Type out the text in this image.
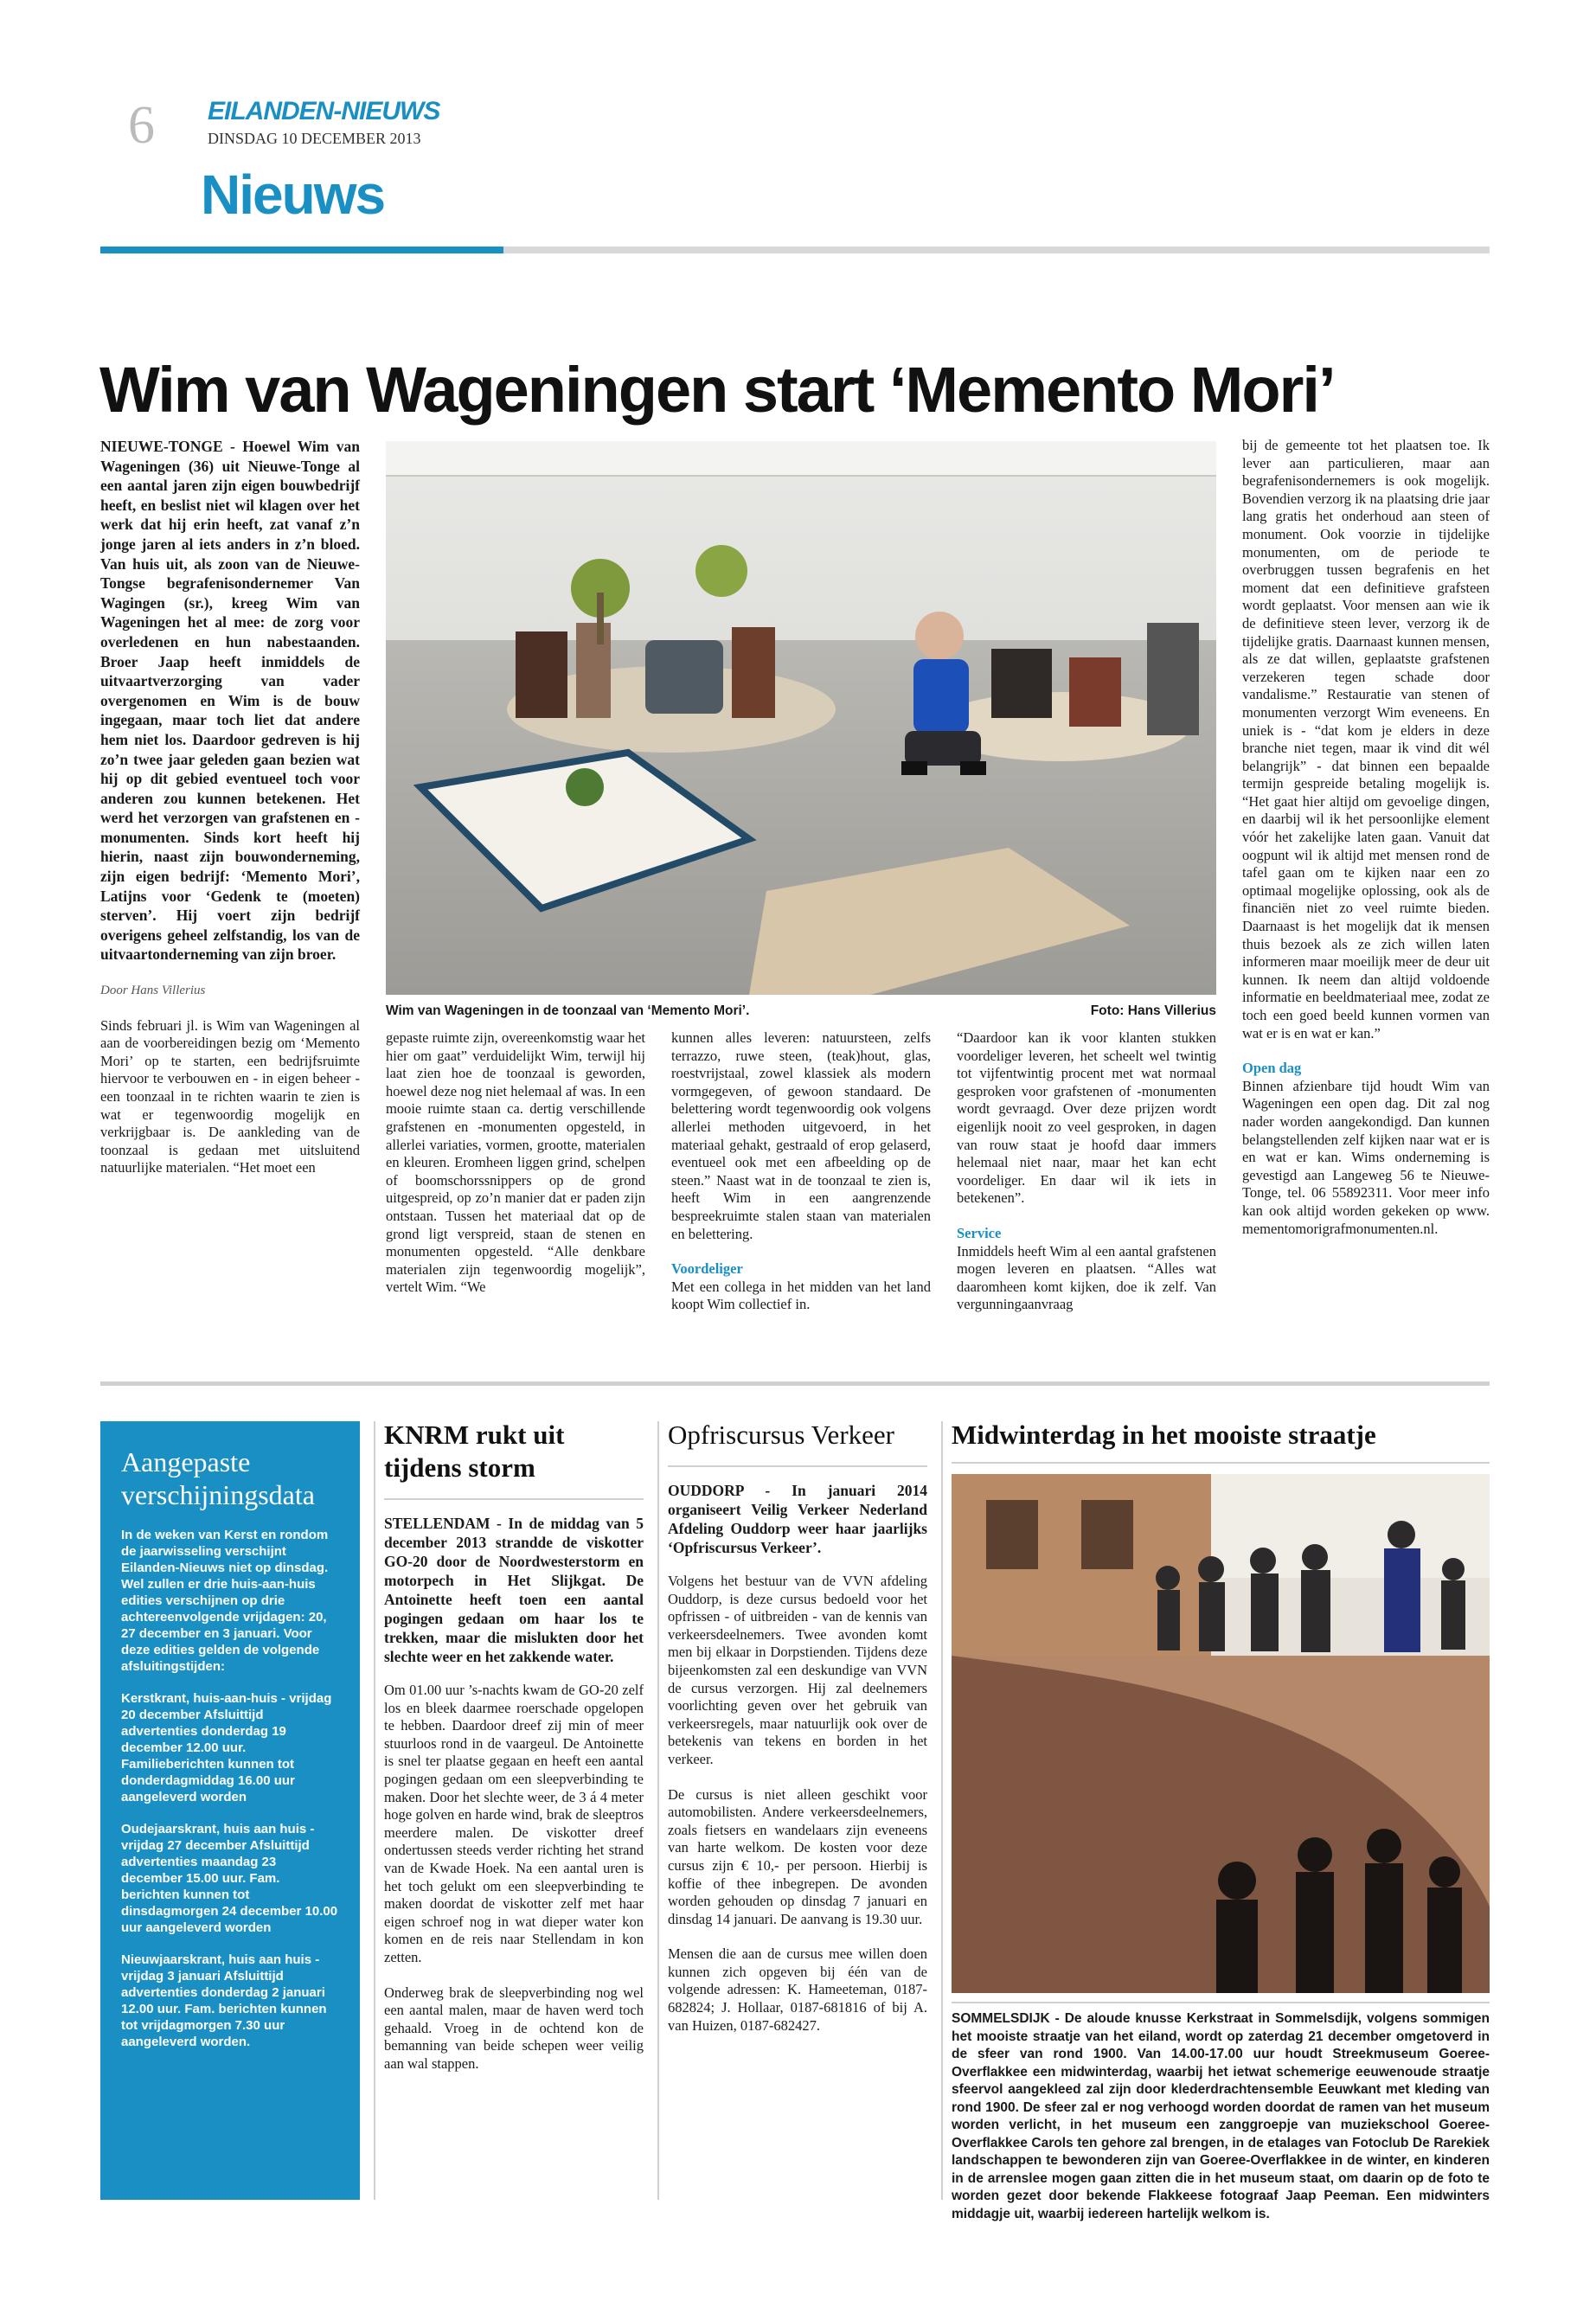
6 EILANDEN-NIEUWS
DINSDAG 10 DECEMBER 2013
Nieuws
Wim van Wageningen start ‘Memento Mori’

NIEUWE-TONGE - Hoewel Wim van Wageningen (36) uit Nieuwe-Tonge al een aantal jaren zijn eigen bouwbedrijf heeft, en beslist niet wil klagen over het werk dat hij erin heeft, zat vanaf z’n jonge jaren al iets anders in z’n bloed. Van huis uit, als zoon van de Nieuwe-Tongse begrafenisondernemer Van Wagingen (sr.), kreeg Wim van Wageningen het al mee: de zorg voor overledenen en hun nabestaanden. Broer Jaap heeft inmiddels de uitvaartverzorging van vader overgenomen en Wim is de bouw ingegaan, maar toch liet dat andere hem niet los. Daardoor gedreven is hij zo’n twee jaar geleden gaan bezien wat hij op dit gebied eventueel toch voor anderen zou kunnen betekenen. Het werd het verzorgen van grafstenen en -monumenten. Sinds kort heeft hij hierin, naast zijn bouwonderneming, zijn eigen bedrijf: ‘Memento Mori’, Latijns voor ‘Gedenk te (moeten) sterven’. Hij voert zijn bedrijf overigens geheel zelfstandig, los van de uitvaartonderneming van zijn broer.

Door Hans Villerius

Sinds februari jl. is Wim van Wageningen al aan de voorbereidingen bezig om ‘Memento Mori’ op te starten, een bedrijfsruimte hiervoor te verbouwen en - in eigen beheer - een toonzaal in te richten waarin te zien is wat er tegenwoordig mogelijk en verkrijgbaar is. De aankleding van de toonzaal is gedaan met uitsluitend natuurlijke materialen. “Het moet een

Wim van Wageningen in de toonzaal van ‘Memento Mori’.	Foto: Hans Villerius

gepaste ruimte zijn, overeenkomstig waar het hier om gaat” verduidelijkt Wim, terwijl hij laat zien hoe de toonzaal is geworden, hoewel deze nog niet helemaal af was. In een mooie ruimte staan ca. dertig verschillende grafstenen en -monumenten opgesteld, in allerlei variaties, vormen, grootte, materialen en kleuren. Eromheen liggen grind, schelpen of boomschorssnippers op de grond uitgespreid, op zo’n manier dat er paden zijn ontstaan. Tussen het materiaal dat op de grond ligt verspreid, staan de stenen en monumenten opgesteld. “Alle denkbare materialen zijn tegenwoordig mogelijk”, vertelt Wim. “We

kunnen alles leveren: natuursteen, zelfs terrazzo, ruwe steen, (teak)hout, glas, roestvrijstaal, zowel klassiek als modern vormgegeven, of gewoon standaard. De belettering wordt tegenwoordig ook volgens allerlei methoden uitgevoerd, in het materiaal gehakt, gestraald of erop gelaserd, eventueel ook met een afbeelding op de steen.” Naast wat in de toonzaal te zien is, heeft Wim in een aangrenzende bespreekruimte stalen staan van materialen en belettering.

Voordeliger

Met een collega in het midden van het land koopt Wim collectief in.

“Daardoor kan ik voor klanten stukken voordeliger leveren, het scheelt wel twintig tot vijfentwintig procent met wat normaal gesproken voor grafstenen of -monumenten wordt gevraagd. Over deze prijzen wordt eigenlijk nooit zo veel gesproken, in dagen van rouw staat je hoofd daar immers helemaal niet naar, maar het kan echt voordeliger. En daar wil ik iets in betekenen”.

Service

Inmiddels heeft Wim al een aantal grafstenen mogen leveren en plaatsen. “Alles wat daaromheen komt kijken, doe ik zelf. Van vergunningaanvraag

bij de gemeente tot het plaatsen toe. Ik lever aan particulieren, maar aan begrafenisondernemers is ook mogelijk. Bovendien verzorg ik na plaatsing drie jaar lang gratis het onderhoud aan steen of monument. Ook voorzie in tijdelijke monumenten, om de periode te overbruggen tussen begrafenis en het moment dat een definitieve grafsteen wordt geplaatst. Voor mensen aan wie ik de definitieve steen lever, verzorg ik de tijdelijke gratis. Daarnaast kunnen mensen, als ze dat willen, geplaatste grafstenen verzekeren tegen schade door vandalisme.” Restauratie van stenen of monumenten verzorgt Wim eveneens. En uniek is - “dat kom je elders in deze branche niet tegen, maar ik vind dit wél belangrijk” - dat binnen een bepaalde termijn gespreide betaling mogelijk is. “Het gaat hier altijd om gevoelige dingen, en daarbij wil ik het persoonlijke element vóór het zakelijke laten gaan. Vanuit dat oogpunt wil ik altijd met mensen rond de tafel gaan om te kijken naar een zo optimaal mogelijke oplossing, ook als de financiën niet zo veel ruimte bieden. Daarnaast is het mogelijk dat ik mensen thuis bezoek als ze zich willen laten informeren maar moeilijk meer de deur uit kunnen. Ik neem dan altijd voldoende informatie en beeldmateriaal mee, zodat ze toch een goed beeld kunnen vormen van wat er is en wat er kan.”

Open dag

Binnen afzienbare tijd houdt Wim van Wageningen een open dag. Dit zal nog nader worden aangekondigd. Dan kunnen belangstellenden zelf kijken naar wat er is en wat er kan. Wims onderneming is gevestigd aan Langeweg 56 te Nieuwe-Tonge, tel. 06 55892311. Voor meer info kan ook altijd worden gekeken op www. mementomorigrafmonumenten.nl.

Aangepaste verschijningsdata

In de weken van Kerst en rondom de jaarwisseling verschijnt Eilanden-Nieuws niet op dinsdag. Wel zullen er drie huis-aan-huis edities verschijnen op drie achtereenvolgende vrijdagen: 20, 27 december en 3 januari. Voor deze edities gelden de volgende afsluitingstijden:

Kerstkrant, huis-aan-huis - vrijdag 20 december Afsluittijd advertenties donderdag 19 december 12.00 uur. Familieberichten kunnen tot donderdagmiddag 16.00 uur aangeleverd worden

Oudejaarskrant, huis aan huis - vrijdag 27 december Afsluittijd advertenties maandag 23 december 15.00 uur. Fam. berichten kunnen tot dinsdagmorgen 24 december 10.00 uur aangeleverd worden

Nieuwjaarskrant, huis aan huis - vrijdag 3 januari Afsluittijd advertenties donderdag 2 januari 12.00 uur. Fam. berichten kunnen tot vrijdagmorgen 7.30 uur aangeleverd worden.

KNRM rukt uit tijdens storm

STELLENDAM - In de middag van 5 december 2013 strandde de viskotter GO-20 door de Noordwesterstorm en motorpech in Het Slijkgat. De Antoinette heeft toen een aantal pogingen gedaan om haar los te trekken, maar die mislukten door het slechte weer en het zakkende water.

Om 01.00 uur ’s-nachts kwam de GO-20 zelf los en bleek daarmee roerschade opgelopen te hebben. Daardoor dreef zij min of meer stuurloos rond in de vaargeul. De Antoinette is snel ter plaatse gegaan en heeft een aantal pogingen gedaan om een sleepverbinding te maken. Door het slechte weer, de 3 á 4 meter hoge golven en harde wind, brak de sleeptros meerdere malen. De viskotter dreef ondertussen steeds verder richting het strand van de Kwade Hoek. Na een aantal uren is het toch gelukt om een sleepverbinding te maken doordat de viskotter zelf met haar eigen schroef nog in wat dieper water kon komen en de reis naar Stellendam in kon zetten.

Onderweg brak de sleepverbinding nog wel een aantal malen, maar de haven werd toch gehaald. Vroeg in de ochtend kon de bemanning van beide schepen weer veilig aan wal stappen.

Opfriscursus Verkeer

OUDDORP - In januari 2014 organiseert Veilig Verkeer Nederland Afdeling Ouddorp weer haar jaarlijks ‘Opfriscursus Verkeer’.

Volgens het bestuur van de VVN afdeling Ouddorp, is deze cursus bedoeld voor het opfrissen - of uitbreiden - van de kennis van verkeersdeelnemers. Twee avonden komt men bij elkaar in Dorpstienden. Tijdens deze bijeenkomsten zal een deskundige van VVN de cursus verzorgen. Hij zal deelnemers voorlichting geven over het gebruik van verkeersregels, maar natuurlijk ook over de betekenis van tekens en borden in het verkeer.

De cursus is niet alleen geschikt voor automobilisten. Andere verkeersdeelnemers, zoals fietsers en wandelaars zijn eveneens van harte welkom. De kosten voor deze cursus zijn € 10,- per persoon. Hierbij is koffie of thee inbegrepen. De avonden worden gehouden op dinsdag 7 januari en dinsdag 14 januari. De aanvang is 19.30 uur.

Mensen die aan de cursus mee willen doen kunnen zich opgeven bij één van de volgende adressen: K. Hameeteman, 0187-682824; J. Hollaar, 0187-681816 of bij A. van Huizen, 0187-682427.

Midwinterdag in het mooiste straatje
SOMMELSDIJK - De aloude knusse Kerkstraat in Sommelsdijk, volgens sommigen het mooiste straatje van het eiland, wordt op zaterdag 21 december omgetoverd in de sfeer van rond 1900. Van 14.00-17.00 uur houdt Streekmuseum Goeree-Overflakkee een midwinterdag, waarbij het ietwat schemerige eeuwenoude straatje sfeervol aangekleed zal zijn door klederdrachtensemble Eeuwkant met kleding van rond 1900. De sfeer zal er nog verhoogd worden doordat de ramen van het museum worden verlicht, in het museum een zanggroepje van muziekschool Goeree-Overflakkee Carols ten gehore zal brengen, in de etalages van Fotoclub De Rarekiek landschappen te bewonderen zijn van Goeree-Overflakkee in de winter, en kinderen in de arrenslee mogen gaan zitten die in het museum staat, om daarin op de foto te worden gezet door bekende Flakkeese fotograaf Jaap Peeman. Een midwinters middagje uit, waarbij iedereen hartelijk welkom is.
